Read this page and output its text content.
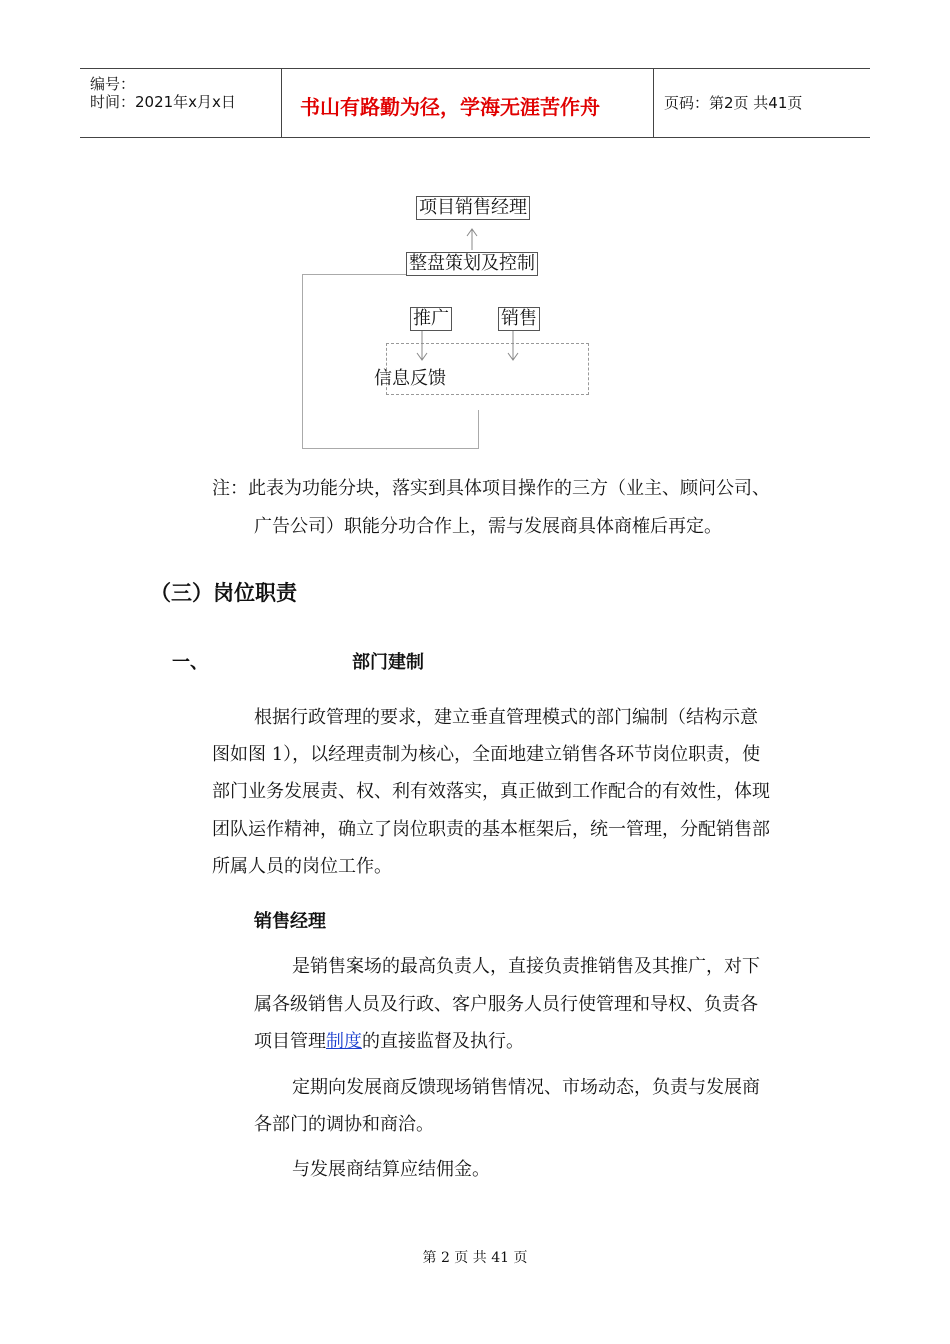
编号：
时间：2021年x月x日	书山有路勤为径，学海无涯苦作舟	页码：第2页 共41页
项目销售经理
整盘策划及控制
推广	销售
信息反馈
注：此表为功能分块，落实到具体项目操作的三方（业主、顾问公司、
广告公司）职能分功合作上，需与发展商具体商榷后再定。
（三）岗位职责
一、	部门建制
根据行政管理的要求，建立垂直管理模式的部门编制（结构示意
图如图 1），以经理责制为核心，全面地建立销售各环节岗位职责，使
部门业务发展责、权、利有效落实，真正做到工作配合的有效性，体现
团队运作精神，确立了岗位职责的基本框架后，统一管理，分配销售部
所属人员的岗位工作。
销售经理
是销售案场的最高负责人，直接负责推销售及其推广，对下
属各级销售人员及行政、客户服务人员行使管理和导权、负责各
项目管理制度的直接监督及执行。
定期向发展商反馈现场销售情况、市场动态，负责与发展商
各部门的调协和商洽。
与发展商结算应结佣金。
第 2 页 共 41 页
